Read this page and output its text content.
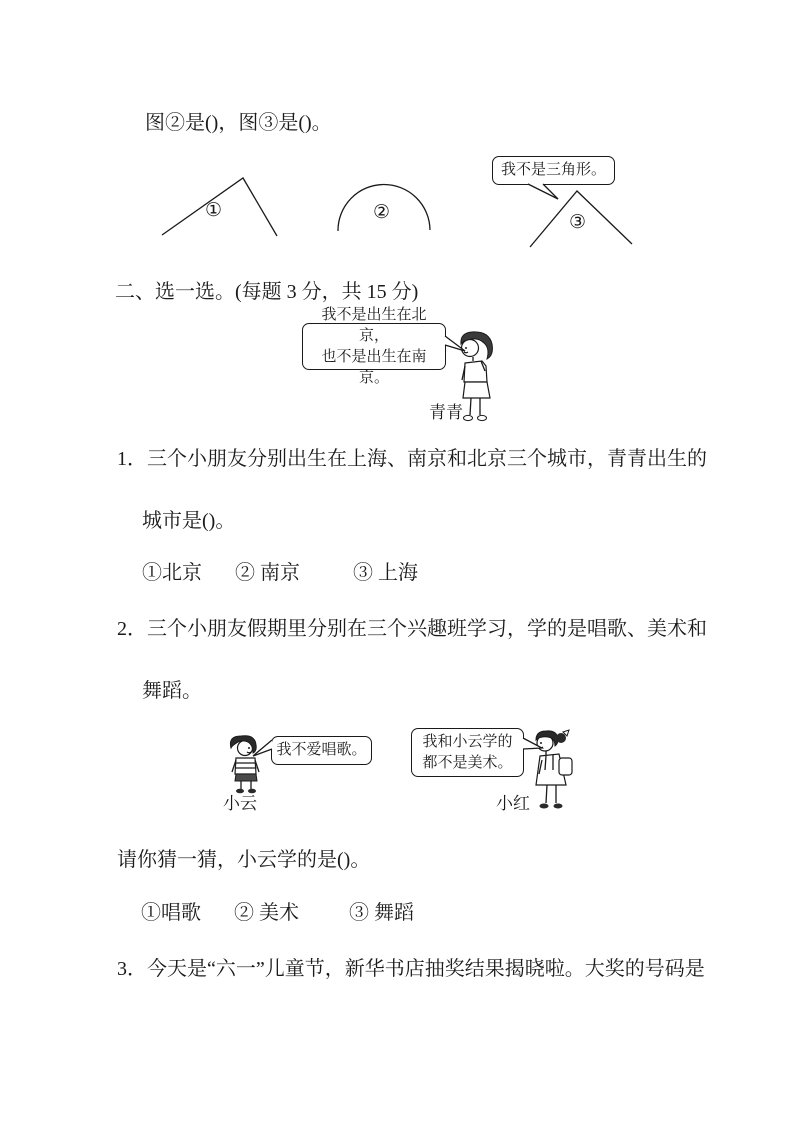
图②是()，图③是()。
①	②
我不是三角形。
③
二、选一选。(每题 3 分，共 15 分)
我不是出生在北京，
也不是出生在南京。
青青
1．三个小朋友分别出生在上海、南京和北京三个城市，青青出生的
城市是()。
①北京 ② 南京	③ 上海
2．三个小朋友假期里分别在三个兴趣班学习，学的是唱歌、美术和
舞蹈。
小云
我不爱唱歌。
我和小云学的
都不是美术。
小红
请你猜一猜，小云学的是()。
①唱歌 ② 美术	③ 舞蹈
3．今天是“六一”儿童节，新华书店抽奖结果揭晓啦。大奖的号码是
